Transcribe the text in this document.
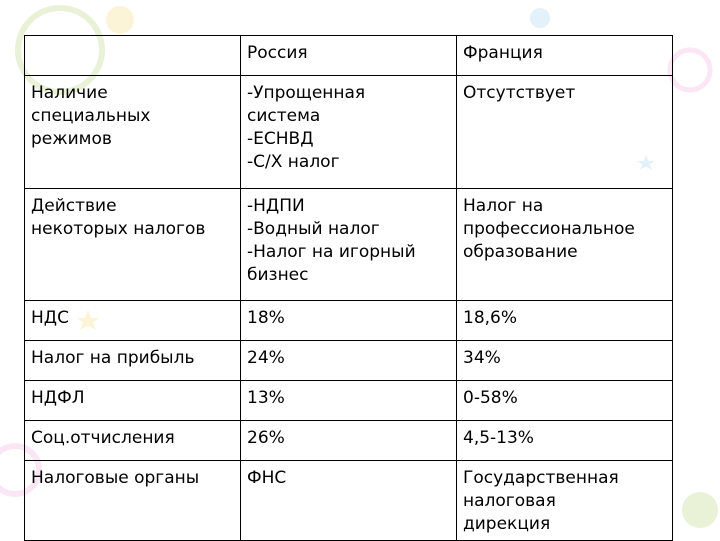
	Россия	Франция
Наличие
специальных
режимов	-Упрощенная
система
-ЕСНВД
-С/Х налог	Отсутствует
Действие
некоторых налогов	-НДПИ
-Водный налог
-Налог на игорный
бизнес	Налог на
профессиональное
образование
НДС	18%	18,6%
Налог на прибыль	24%	34%
НДФЛ	13%	0-58%
Соц.отчисления	26%	4,5-13%
Налоговые органы	ФНС	Государственная
налоговая
дирекция
